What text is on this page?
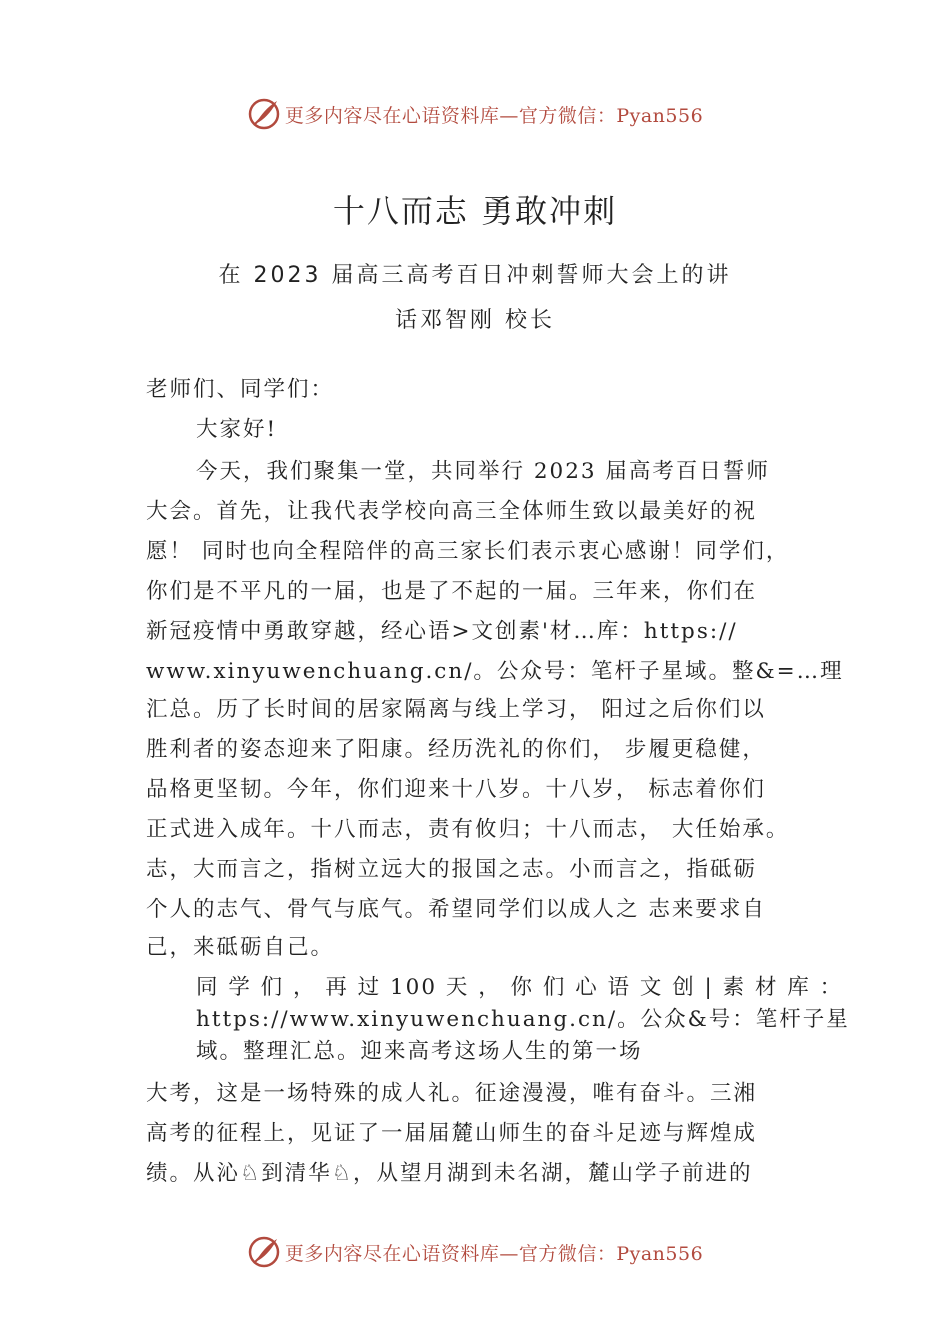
更多内容尽在心语资料库—官方微信：Pyan556
十八而志 勇敢冲刺
在 2023 届高三高考百日冲刺誓师大会上的讲
话邓智刚 校长
老师们、同学们：
大家好!
今天，我们聚集一堂，共同举行 2023 届高考百日誓师
大会。首先，让我代表学校向高三全体师生致以最美好的祝
愿！ 同时也向全程陪伴的高三家长们表示衷心感谢！同学们，
你们是不平凡的一届，也是了不起的一届。三年来，你们在
新冠疫情中勇敢穿越，经心语>文创素'材…库：https://
www.xinyuwenchuang.cn/。公众号：笔杆子星域。整&=…理
汇总。历了长时间的居家隔离与线上学习， 阳过之后你们以
胜利者的姿态迎来了阳康。经历洗礼的你们， 步履更稳健，
品格更坚韧。今年，你们迎来十八岁。十八岁， 标志着你们
正式进入成年。十八而志，责有攸归；十八而志， 大任始承。
志，大而言之，指树立远大的报国之志。小而言之，指砥砺
个人的志气、骨气与底气。希望同学们以成人之 志来要求自
己，来砥砺自己。
同 学 们 ， 再 过 100 天 ， 你 们 心 语 文 创 | 素 材 库 ：
https://www.xinyuwenchuang.cn/。公众&号：笔杆子星
域。整理汇总。迎来高考这场人生的第一场
大考，这是一场特殊的成人礼。征途漫漫，唯有奋斗。三湘
高考的征程上，见证了一届届麓山师生的奋斗足迹与辉煌成
绩。从沁♘到清华♘，从望月湖到未名湖，麓山学子前进的
更多内容尽在心语资料库—官方微信：Pyan556
